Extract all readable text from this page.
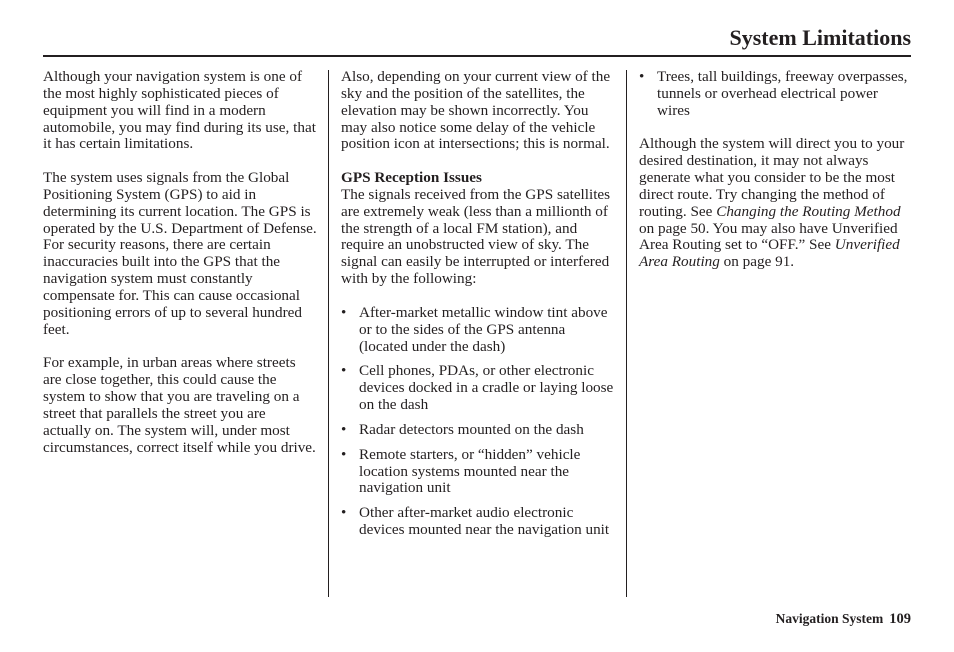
System Limitations

Although your navigation system is one of the most highly sophisticated pieces of equipment you will find in a modern automobile, you may find during its use, that it has certain limitations.

The system uses signals from the Global Positioning System (GPS) to aid in determining its current location. The GPS is operated by the U.S. Department of Defense. For security reasons, there are certain inaccuracies built into the GPS that the navigation system must constantly compensate for. This can cause occasional positioning errors of up to several hundred feet.

For example, in urban areas where streets are close together, this could cause the system to show that you are traveling on a street that parallels the street you are actually on. The system will, under most circumstances, correct itself while you drive.

Also, depending on your current view of the sky and the position of the satellites, the elevation may be shown incorrectly. You may also notice some delay of the vehicle position icon at intersections; this is normal.

GPS Reception Issues

The signals received from the GPS satellites are extremely weak (less than a millionth of the strength of a local FM station), and require an unobstructed view of sky. The signal can easily be interrupted or interfered with by the following:

• After-market metallic window tint above or to the sides of the GPS antenna (located under the dash)
• Cell phones, PDAs, or other electronic devices docked in a cradle or laying loose on the dash
• Radar detectors mounted on the dash
• Remote starters, or “hidden” vehicle location systems mounted near the navigation unit
• Other after-market audio electronic devices mounted near the navigation unit
• Trees, tall buildings, freeway overpasses, tunnels or overhead electrical power wires

Although the system will direct you to your desired destination, it may not always generate what you consider to be the most direct route. Try changing the method of routing. See Changing the Routing Method on page 50. You may also have Unverified Area Routing set to “OFF.” See Unverified Area Routing on page 91.

Navigation System 109
